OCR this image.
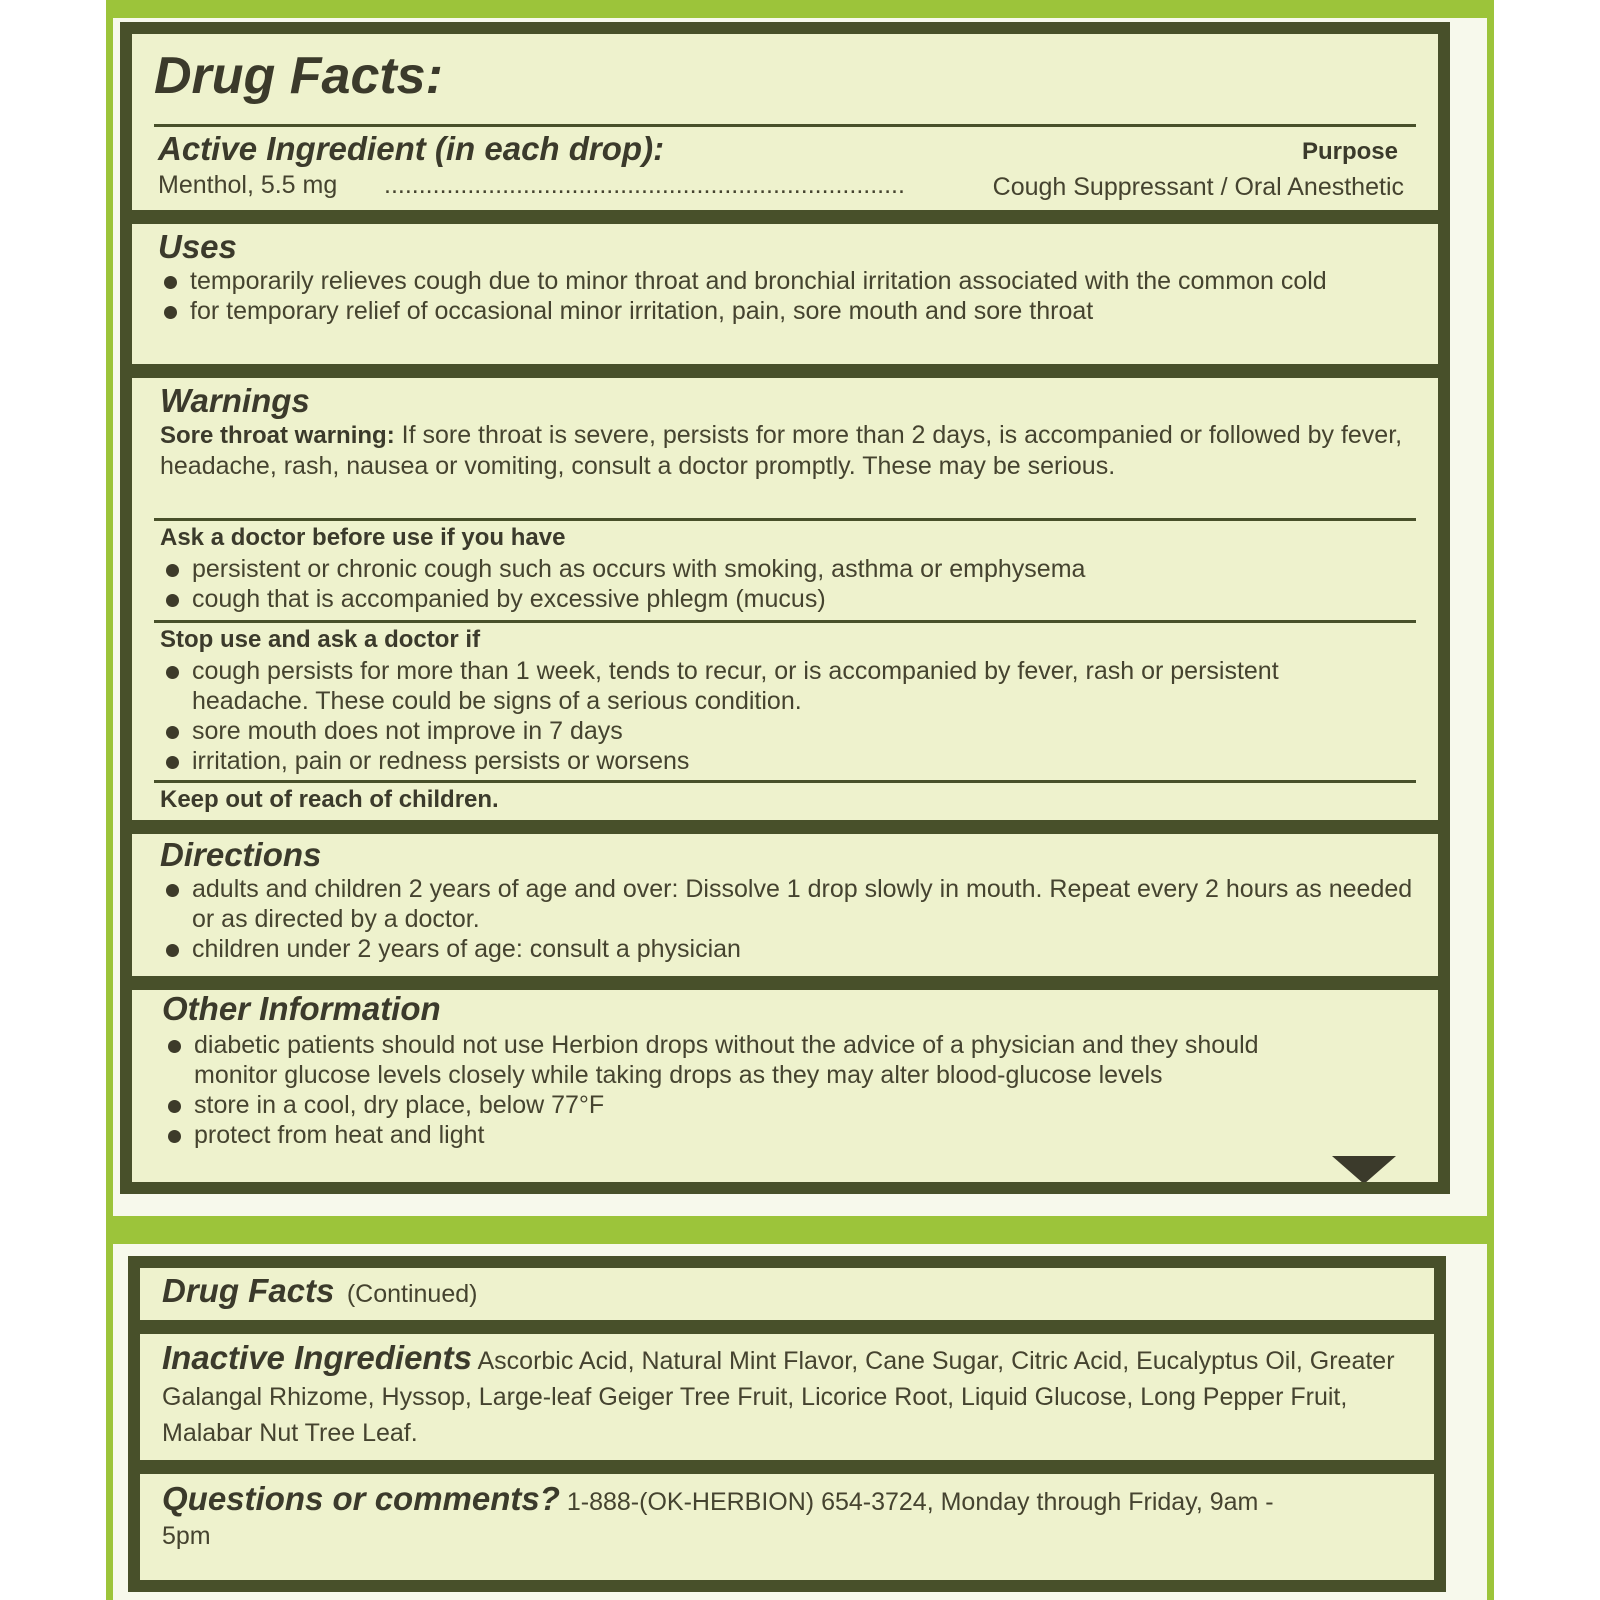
Drug Facts:
Active Ingredient (in each drop):	Purpose
Menthol, 5.5 mg ...........................................................................	Cough Suppressant / Oral Anesthetic
Uses
temporarily relieves cough due to minor throat and bronchial irritation associated with the common cold
for temporary relief of occasional minor irritation, pain, sore mouth and sore throat
Warnings
Sore throat warning: If sore throat is severe, persists for more than 2 days, is accompanied or followed by fever, headache, rash, nausea or vomiting, consult a doctor promptly. These may be serious.
Ask a doctor before use if you have
persistent or chronic cough such as occurs with smoking, asthma or emphysema
cough that is accompanied by excessive phlegm (mucus)
Stop use and ask a doctor if
cough persists for more than 1 week, tends to recur, or is accompanied by fever, rash or persistent headache. These could be signs of a serious condition.
sore mouth does not improve in 7 days
irritation, pain or redness persists or worsens
Keep out of reach of children.
Directions
adults and children 2 years of age and over: Dissolve 1 drop slowly in mouth. Repeat every 2 hours as needed or as directed by a doctor.
children under 2 years of age: consult a physician
Other Information
diabetic patients should not use Herbion drops without the advice of a physician and they should monitor glucose levels closely while taking drops as they may alter blood-glucose levels
store in a cool, dry place, below 77°F
protect from heat and light
Drug Facts (Continued)
Inactive Ingredients Ascorbic Acid, Natural Mint Flavor, Cane Sugar, Citric Acid, Eucalyptus Oil, Greater Galangal Rhizome, Hyssop, Large-leaf Geiger Tree Fruit, Licorice Root, Liquid Glucose, Long Pepper Fruit, Malabar Nut Tree Leaf.
Questions or comments? 1-888-(OK-HERBION) 654-3724, Monday through Friday, 9am - 5pm
